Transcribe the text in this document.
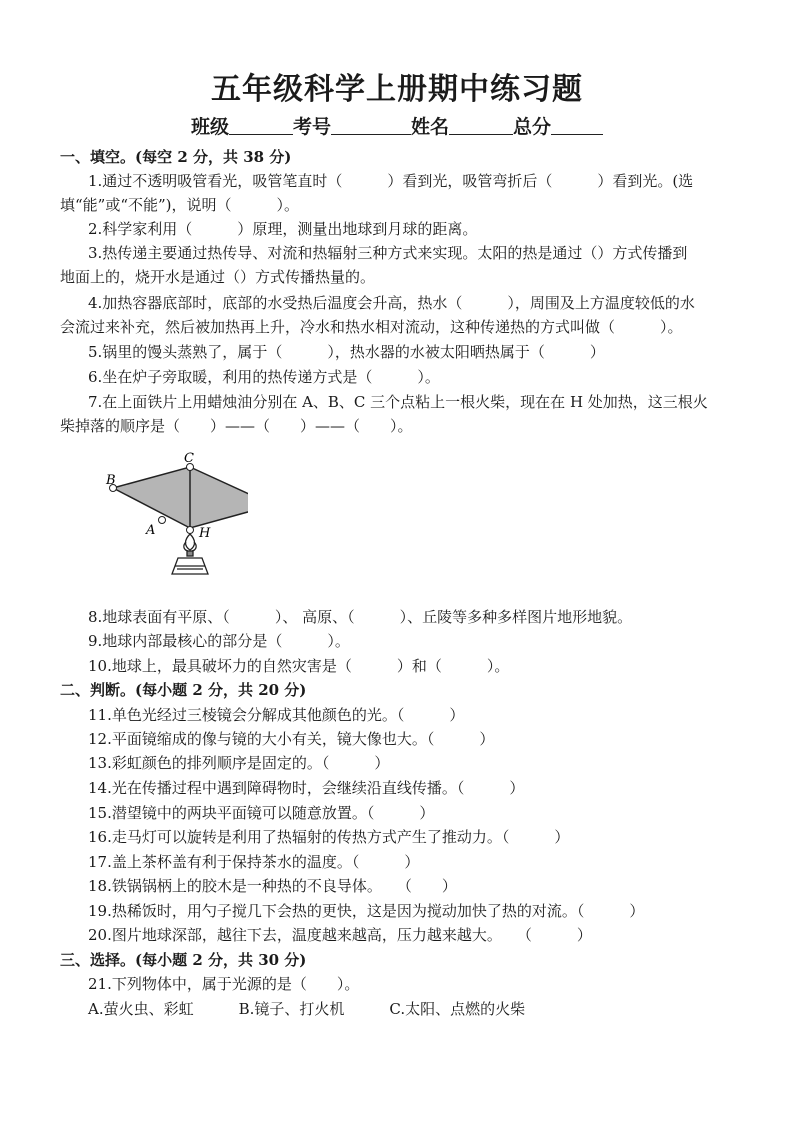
五年级科学上册期中练习题
班级	考号	姓名	总分
一、填空。(每空 2 分，共 38 分)
1.通过不透明吸管看光，吸管笔直时（　　　）看到光，吸管弯折后（　　　）看到光。(选
填“能”或“不能”)，说明（　　　）。
2.科学家利用（　　　）原理，测量出地球到月球的距离。
3.热传递主要通过热传导、对流和热辐射三种方式来实现。太阳的热是通过（）方式传播到
地面上的，烧开水是通过（）方式传播热量的。
4.加热容器底部时，底部的水受热后温度会升高，热水（　　　），周围及上方温度较低的水
会流过来补充，然后被加热再上升，冷水和热水相对流动，这种传递热的方式叫做（　　　）。
5.锅里的馒头蒸熟了，属于（　　　），热水器的水被太阳晒热属于（　　　）
6.坐在炉子旁取暖，利用的热传递方式是（　　　）。
7.在上面铁片上用蜡烛油分别在 A、B、C 三个点粘上一根火柴，现在在 H 处加热，这三根火
柴掉落的顺序是（　　）——（　　）——（　　）。
C
B
A	H
8.地球表面有平原、（　　　）、 高原、（　　　）、丘陵等多种多样图片地形地貌。
9.地球内部最核心的部分是（　　　）。
10.地球上，最具破坏力的自然灾害是（　　　）和（　　　）。
二、判断。(每小题 2 分，共 20 分)
11.单色光经过三棱镜会分解成其他颜色的光。（　　　）
12.平面镜缩成的像与镜的大小有关，镜大像也大。（　　　）
13.彩虹颜色的排列顺序是固定的。（　　　）
14.光在传播过程中遇到障碍物时，会继续沿直线传播。（　　　）
15.潜望镜中的两块平面镜可以随意放置。（　　　）
16.走马灯可以旋转是利用了热辐射的传热方式产生了推动力。（　　　）
17.盖上茶杯盖有利于保持茶水的温度。（　　　）
18.铁锅锅柄上的胶木是一种热的不良导体。　　（　　）
19.热稀饭时，用勺子搅几下会热的更快，这是因为搅动加快了热的对流。（　　　）
20.图片地球深部，越往下去，温度越来越高，压力越来越大。　　（　　　）
三、选择。(每小题 2 分，共 30 分)
21.下列物体中，属于光源的是（　　）。
A.萤火虫、彩虹　　　B.镜子、打火机　　　C.太阳、点燃的火柴
